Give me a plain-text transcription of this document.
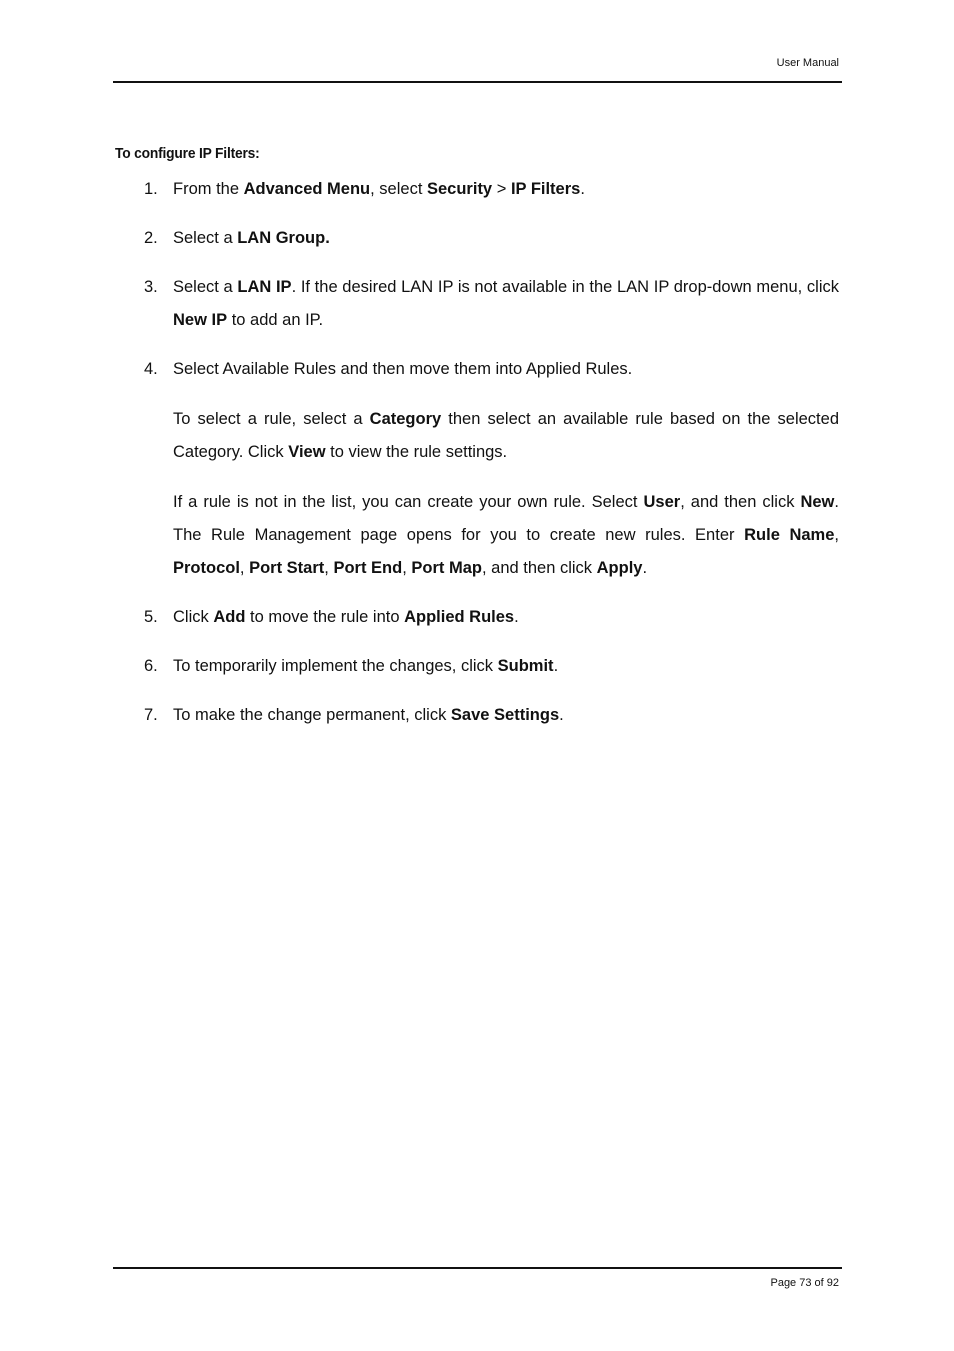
User Manual
To configure IP Filters:
1. From the Advanced Menu, select Security > IP Filters.

2. Select a LAN Group.

3. Select a LAN IP. If the desired LAN IP is not available in the LAN IP drop-down menu, click New IP to add an IP.

4. Select Available Rules and then move them into Applied Rules.

To select a rule, select a Category then select an available rule based on the selected Category. Click View to view the rule settings.

If a rule is not in the list, you can create your own rule. Select User, and then click New. The Rule Management page opens for you to create new rules. Enter Rule Name, Protocol, Port Start, Port End, Port Map, and then click Apply.

5. Click Add to move the rule into Applied Rules.

6. To temporarily implement the changes, click Submit.

7. To make the change permanent, click Save Settings.

Page 73 of 92
